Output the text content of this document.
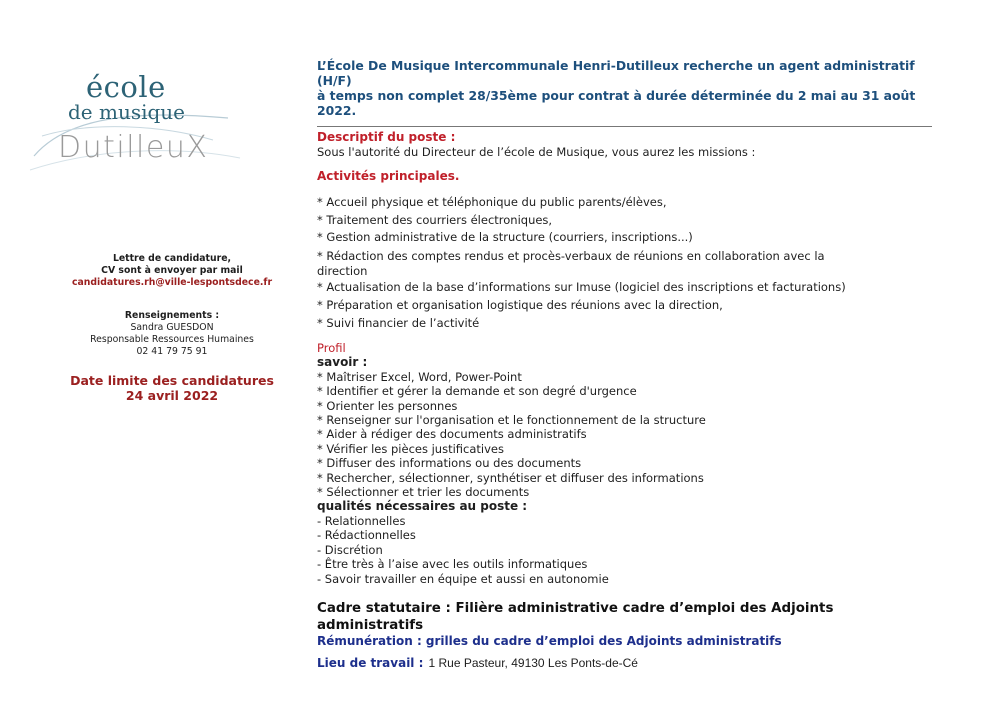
école
de musique
DutilleuX
Lettre de candidature,
CV sont à envoyer par mail
candidatures.rh@ville-lespontsdece.fr
Renseignements :
Sandra GUESDON
Responsable Ressources Humaines
02 41 79 75 91
Date limite des candidatures
24 avril 2022
L’École De Musique Intercommunale Henri-Dutilleux recherche un agent administratif (H/F)
à temps non complet 28/35ème pour contrat à durée déterminée du 2 mai au 31 août 2022.
Descriptif du poste :
Sous l'autorité du Directeur de l’école de Musique, vous aurez les missions :
Activités principales.
* Accueil physique et téléphonique du public parents/élèves,
* Traitement des courriers électroniques,
* Gestion administrative de la structure (courriers, inscriptions...)
* Rédaction des comptes rendus et procès-verbaux de réunions en collaboration avec la
direction
* Actualisation de la base d’informations sur Imuse (logiciel des inscriptions et facturations)
* Préparation et organisation logistique des réunions avec la direction,
* Suivi financier de l’activité
Profil
savoir :
* Maîtriser Excel, Word, Power-Point
* Identifier et gérer la demande et son degré d'urgence
* Orienter les personnes
* Renseigner sur l'organisation et le fonctionnement de la structure
* Aider à rédiger des documents administratifs
* Vérifier les pièces justificatives
* Diffuser des informations ou des documents
* Rechercher, sélectionner, synthétiser et diffuser des informations
* Sélectionner et trier les documents
qualités nécessaires au poste :
- Relationnelles
- Rédactionnelles
- Discrétion
- Être très à l’aise avec les outils informatiques
- Savoir travailler en équipe et aussi en autonomie
Cadre statutaire : Filière administrative cadre d’emploi des Adjoints administratifs
Rémunération : grilles du cadre d’emploi des Adjoints administratifs
Lieu de travail : 1 Rue Pasteur, 49130 Les Ponts-de-Cé
